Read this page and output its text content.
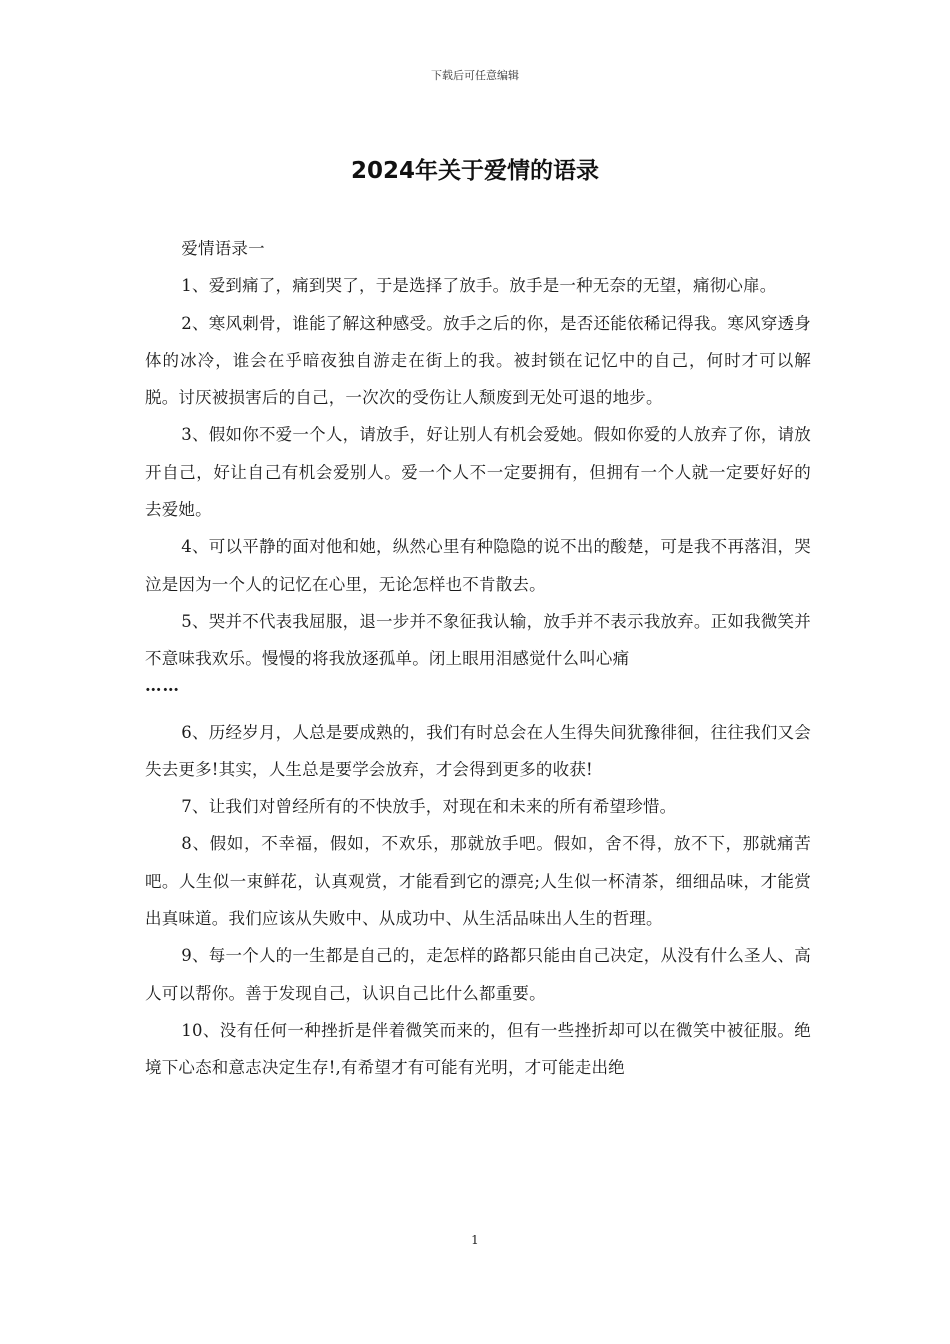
下载后可任意编辑
2024年关于爱情的语录

爱情语录一

1、爱到痛了，痛到哭了，于是选择了放手。放手是一种无奈的无望，痛彻心扉。

2、寒风刺骨，谁能了解这种感受。放手之后的你，是否还能依稀记得我。寒风穿透身体的冰冷，谁会在乎暗夜独自游走在街上的我。被封锁在记忆中的自己，何时才可以解脱。讨厌被损害后的自己，一次次的受伤让人颓废到无处可退的地步。

3、假如你不爱一个人，请放手，好让别人有机会爱她。假如你爱的人放弃了你，请放开自己，好让自己有机会爱别人。爱一个人不一定要拥有，但拥有一个人就一定要好好的去爱她。

4、可以平静的面对他和她，纵然心里有种隐隐的说不出的酸楚，可是我不再落泪，哭泣是因为一个人的记忆在心里，无论怎样也不肯散去。

5、哭并不代表我屈服，退一步并不象征我认输，放手并不表示我放弃。正如我微笑并不意味我欢乐。慢慢的将我放逐孤单。闭上眼用泪感觉什么叫心痛

……

6、历经岁月，人总是要成熟的，我们有时总会在人生得失间犹豫徘徊，往往我们又会失去更多!其实，人生总是要学会放弃，才会得到更多的收获!

7、让我们对曾经所有的不快放手，对现在和未来的所有希望珍惜。

8、假如，不幸福，假如，不欢乐，那就放手吧。假如，舍不得，放不下，那就痛苦吧。人生似一束鲜花，认真观赏，才能看到它的漂亮;人生似一杯清茶，细细品味，才能赏出真味道。我们应该从失败中、从成功中、从生活品味出人生的哲理。

9、每一个人的一生都是自己的，走怎样的路都只能由自己决定，从没有什么圣人、高人可以帮你。善于发现自己，认识自己比什么都重要。

10、没有任何一种挫折是伴着微笑而来的，但有一些挫折却可以在微笑中被征服。绝境下心态和意志决定生存!,有希望才有可能有光明，才可能走出绝

1
